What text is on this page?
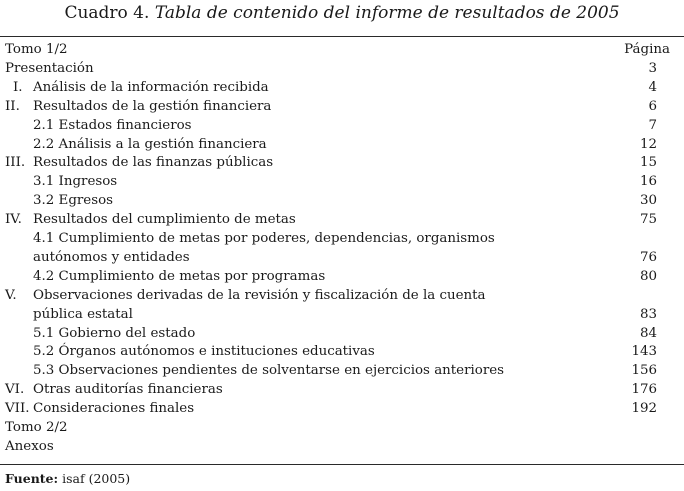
Cuadro 4. Tabla de contenido del informe de resultados de 2005
Tomo 1/2	Página
Presentación	3
I. Análisis de la información recibida	4
II. Resultados de la gestión financiera	6
2.1 Estados financieros	7
2.2 Análisis a la gestión financiera	12
III. Resultados de las finanzas públicas	15
3.1 Ingresos	16
3.2 Egresos	30
IV. Resultados del cumplimiento de metas	75
4.1 Cumplimiento de metas por poderes, dependencias, organismos
autónomos y entidades	76
4.2 Cumplimiento de metas por programas	80
V. Observaciones derivadas de la revisión y fiscalización de la cuenta
pública estatal	83
5.1 Gobierno del estado	84
5.2 Órganos autónomos e instituciones educativas	143
5.3 Observaciones pendientes de solventarse en ejercicios anteriores	156
VI. Otras auditorías financieras	176
VII. Consideraciones finales	192
Tomo 2/2
Anexos
Fuente: isaf (2005)
